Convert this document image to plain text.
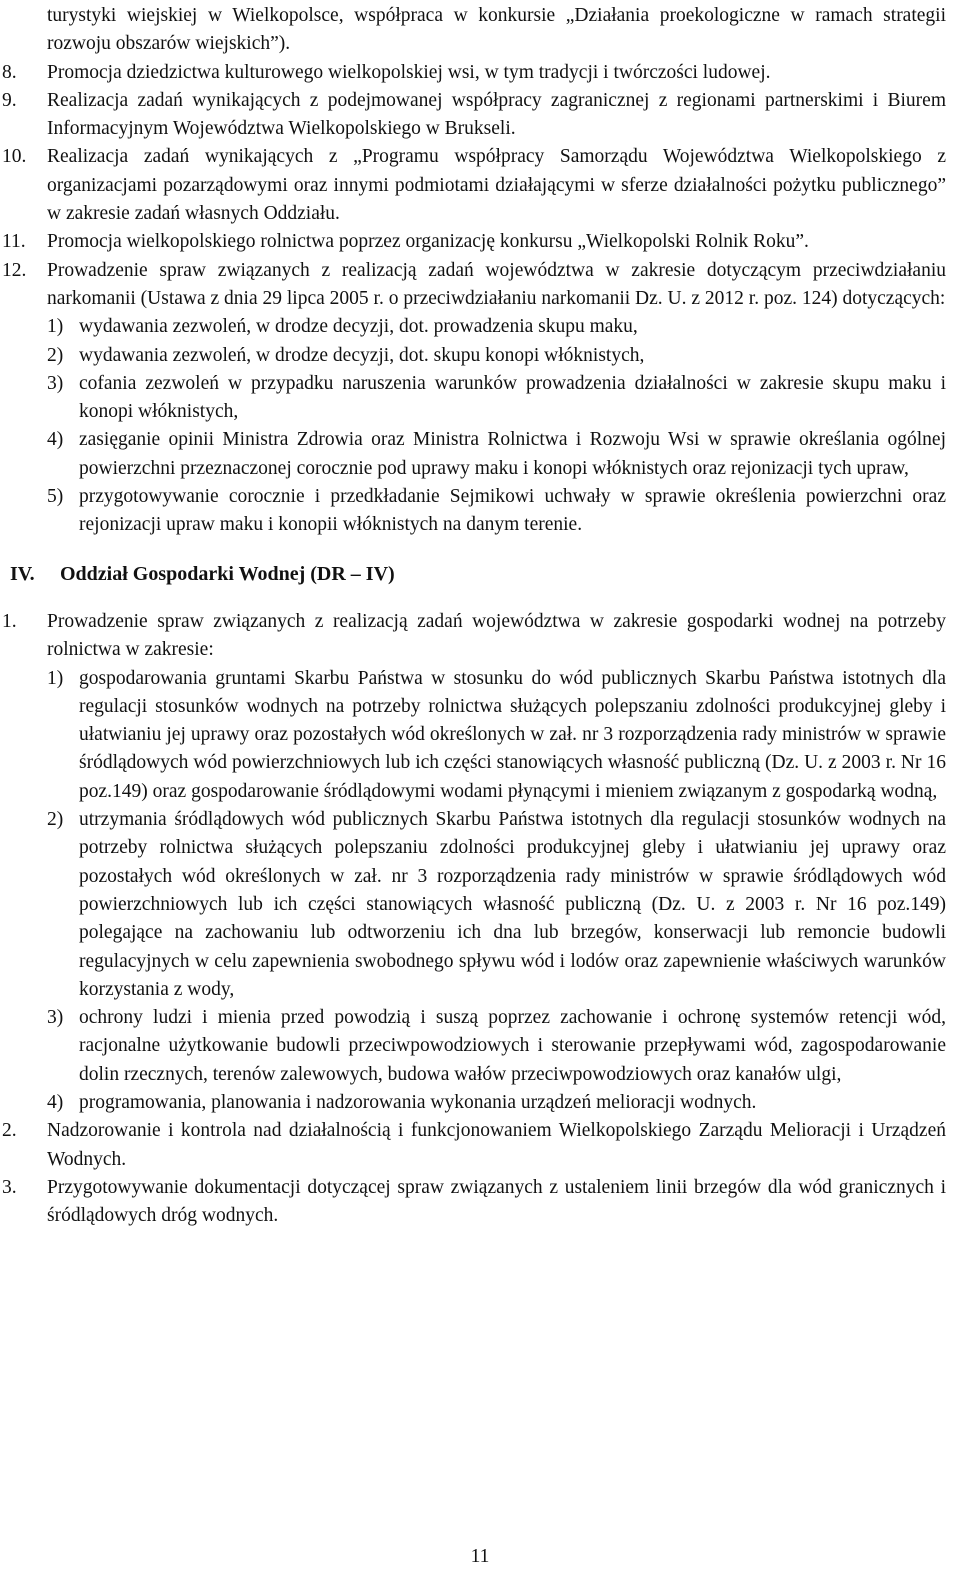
turystyki wiejskiej w Wielkopolsce, współpraca w konkursie „Działania proekologiczne w ramach strategii rozwoju obszarów wiejskich”).
8. Promocja dziedzictwa kulturowego wielkopolskiej wsi, w tym tradycji i twórczości ludowej.
9. Realizacja zadań wynikających z podejmowanej współpracy zagranicznej z regionami partnerskimi i Biurem Informacyjnym Województwa Wielkopolskiego w Brukseli.
10. Realizacja zadań wynikających z „Programu współpracy Samorządu Województwa Wielkopolskiego z organizacjami pozarządowymi oraz innymi podmiotami działającymi w sferze działalności pożytku publicznego” w zakresie zadań własnych Oddziału.
11. Promocja wielkopolskiego rolnictwa poprzez organizację konkursu „Wielkopolski Rolnik Roku”.
12. Prowadzenie spraw związanych z realizacją zadań województwa w zakresie dotyczącym przeciwdziałaniu narkomanii (Ustawa z dnia 29 lipca 2005 r. o przeciwdziałaniu narkomanii Dz. U. z 2012 r. poz. 124) dotyczących:
1) wydawania zezwoleń, w drodze decyzji, dot. prowadzenia skupu maku,
2) wydawania zezwoleń, w drodze decyzji, dot. skupu konopi włóknistych,
3) cofania zezwoleń w przypadku naruszenia warunków prowadzenia działalności w zakresie skupu maku i konopi włóknistych,
4) zasięganie opinii Ministra Zdrowia oraz Ministra Rolnictwa i Rozwoju Wsi w sprawie określania ogólnej powierzchni przeznaczonej corocznie pod uprawy maku i konopi włóknistych oraz rejonizacji tych upraw,
5) przygotowywanie corocznie i przedkładanie Sejmikowi uchwały w sprawie określenia powierzchni oraz rejonizacji upraw maku i konopii włóknistych na danym terenie.
IV. Oddział Gospodarki Wodnej (DR – IV)
1. Prowadzenie spraw związanych z realizacją zadań województwa w zakresie gospodarki wodnej na potrzeby rolnictwa w zakresie:
1) gospodarowania gruntami Skarbu Państwa w stosunku do wód publicznych Skarbu Państwa istotnych dla regulacji stosunków wodnych na potrzeby rolnictwa służących polepszaniu zdolności produkcyjnej gleby i ułatwianiu jej uprawy oraz pozostałych wód określonych w zał. nr 3 rozporządzenia rady ministrów w sprawie śródlądowych wód powierzchniowych lub ich części stanowiących własność publiczną (Dz. U. z 2003 r. Nr 16 poz.149) oraz gospodarowanie śródlądowymi wodami płynącymi i mieniem związanym z gospodarką wodną,
2) utrzymania śródlądowych wód publicznych Skarbu Państwa istotnych dla regulacji stosunków wodnych na potrzeby rolnictwa służących polepszaniu zdolności produkcyjnej gleby i ułatwianiu jej uprawy oraz pozostałych wód określonych w zał. nr 3 rozporządzenia rady ministrów w sprawie śródlądowych wód powierzchniowych lub ich części stanowiących własność publiczną (Dz. U. z 2003 r. Nr 16 poz.149) polegające na zachowaniu lub odtworzeniu ich dna lub brzegów, konserwacji lub remoncie budowli regulacyjnych w celu zapewnienia swobodnego spływu wód i lodów oraz zapewnienie właściwych warunków korzystania z wody,
3) ochrony ludzi i mienia przed powodzią i suszą poprzez zachowanie i ochronę systemów retencji wód, racjonalne użytkowanie budowli przeciwpowodziowych i sterowanie przepływami wód, zagospodarowanie dolin rzecznych, terenów zalewowych, budowa wałów przeciwpowodziowych oraz kanałów ulgi,
4) programowania, planowania i nadzorowania wykonania urządzeń melioracji wodnych.
2. Nadzorowanie i kontrola nad działalnością i funkcjonowaniem Wielkopolskiego Zarządu Melioracji i Urządzeń Wodnych.
3. Przygotowywanie dokumentacji dotyczącej spraw związanych z ustaleniem linii brzegów dla wód granicznych i śródlądowych dróg wodnych.
11
